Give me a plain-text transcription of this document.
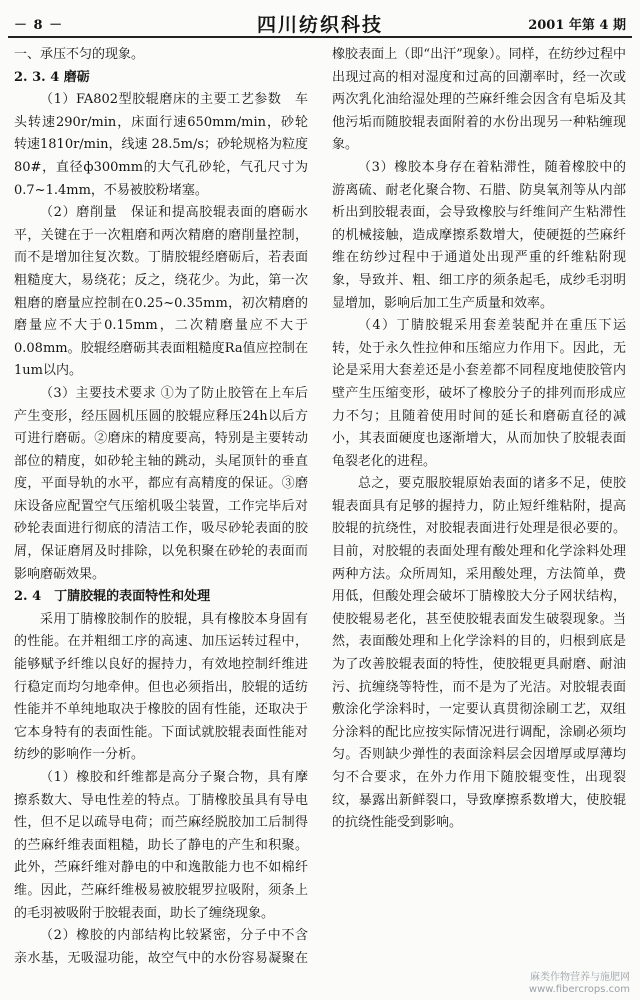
－ 8 －	四川纺织科技	2001 年第 4 期

一、承压不匀的现象。

2. 3. 4 磨砺

（1）FA802型胶辊磨床的主要工艺参数　车头转速290r/min，床面行速650mm/min，砂轮转速1810r/min，线速 28.5m/s；砂轮规格为粒度80#，直径ф300mm的大气孔砂轮，气孔尺寸为0.7~1.4mm，不易被胶粉堵塞。

（2）磨削量　保证和提高胶辊表面的磨砺水平，关键在于一次粗磨和两次精磨的磨削量控制，而不是增加往复次数。丁腈胶辊经磨砺后，若表面粗糙度大，易绕花；反之，绕花少。为此，第一次粗磨的磨量应控制在0.25~0.35mm，初次精磨的磨量应不大于0.15mm，二次精磨量应不大于0.08mm。胶辊经磨砺其表面粗糙度Ra值应控制在1um以内。

（3）主要技术要求 ①为了防止胶管在上车后产生变形，经压圆机压圆的胶辊应释压24h以后方可进行磨砺。②磨床的精度要高，特别是主要转动部位的精度，如砂轮主轴的跳动，头尾顶针的垂直度，平面导轨的水平，都应有高精度的保证。③磨床设备应配置空气压缩机吸尘装置，工作完毕后对砂轮表面进行彻底的清洁工作，吸尽砂轮表面的胶屑，保证磨屑及时排除，以免积聚在砂轮的表面而影响磨砺效果。

2. 4　丁腈胶辊的表面特性和处理

采用丁腈橡胶制作的胶辊，具有橡胶本身固有的性能。在并粗细工序的高速、加压运转过程中，能够赋予纤维以良好的握持力，有效地控制纤维进行稳定而均匀地牵伸。但也必须指出，胶辊的适纺性能并不单纯地取决于橡胶的固有性能，还取决于它本身特有的表面性能。下面试就胶辊表面性能对纺纱的影响作一分析。

（1）橡胶和纤维都是高分子聚合物，具有摩擦系数大、导电性差的特点。丁腈橡胶虽具有导电性，但不足以疏导电荷；而苎麻经脱胶加工后制得的苎麻纤维表面粗糙，助长了静电的产生和积聚。此外，苎麻纤维对静电的中和逸散能力也不如棉纤维。因此，苎麻纤维极易被胶辊罗拉吸附，须条上的毛羽被吸附于胶辊表面，助长了缠绕现象。

（2）橡胶的内部结构比较紧密，分子中不含亲水基，无吸湿功能，故空气中的水份容易凝聚在橡胶表面上（即“出汗”现象）。同样，在纺纱过程中出现过高的相对湿度和过高的回潮率时，经一次或两次乳化油给湿处理的苎麻纤维会因含有皂垢及其他污垢而随胶辊表面附着的水份出现另一种粘缠现象。

（3）橡胶本身存在着粘滞性，随着橡胶中的游离硫、耐老化聚合物、石腊、防臭氧剂等从内部析出到胶辊表面，会导致橡胶与纤维间产生粘滞性的机械接触，造成摩擦系数增大，使硬挺的苎麻纤维在纺纱过程中于通道处出现严重的纤维粘附现象，导致并、粗、细工序的须条起毛，成纱毛羽明显增加，影响后加工生产质量和效率。

（4）丁腈胶辊采用套差装配并在重压下运转，处于永久性拉伸和压缩应力作用下。因此，无论是采用大套差还是小套差都不同程度地使胶管内壁产生压缩变形，破坏了橡胶分子的排列而形成应力不匀；且随着使用时间的延长和磨砺直径的减小，其表面硬度也逐渐增大，从而加快了胶辊表面龟裂老化的进程。

总之，要克服胶辊原始表面的诸多不足，使胶辊表面具有足够的握持力，防止短纤维粘附，提高胶辊的抗绕性，对胶辊表面进行处理是很必要的。目前，对胶辊的表面处理有酸处理和化学涂料处理两种方法。众所周知，采用酸处理，方法简单，费用低，但酸处理会破坏丁腈橡胶大分子网状结构，使胶辊易老化，甚至使胶辊表面发生破裂现象。当然，表面酸处理和上化学涂料的目的，归根到底是为了改善胶辊表面的特性，使胶辊更具耐磨、耐油污、抗缠绕等特性，而不是为了光洁。对胶辊表面敷涂化学涂料时，一定要认真贯彻涂刷工艺，双组分涂料的配比应按实际情况进行调配，涂刷必须均匀。否则缺少弹性的表面涂料层会因增厚或厚薄均匀不合要求，在外力作用下随胶辊变性，出现裂纹，暴露出新鲜裂口，导致摩擦系数增大，使胶辊的抗绕性能受到影响。

麻类作物营养与施肥网
www.fibercrops.com
